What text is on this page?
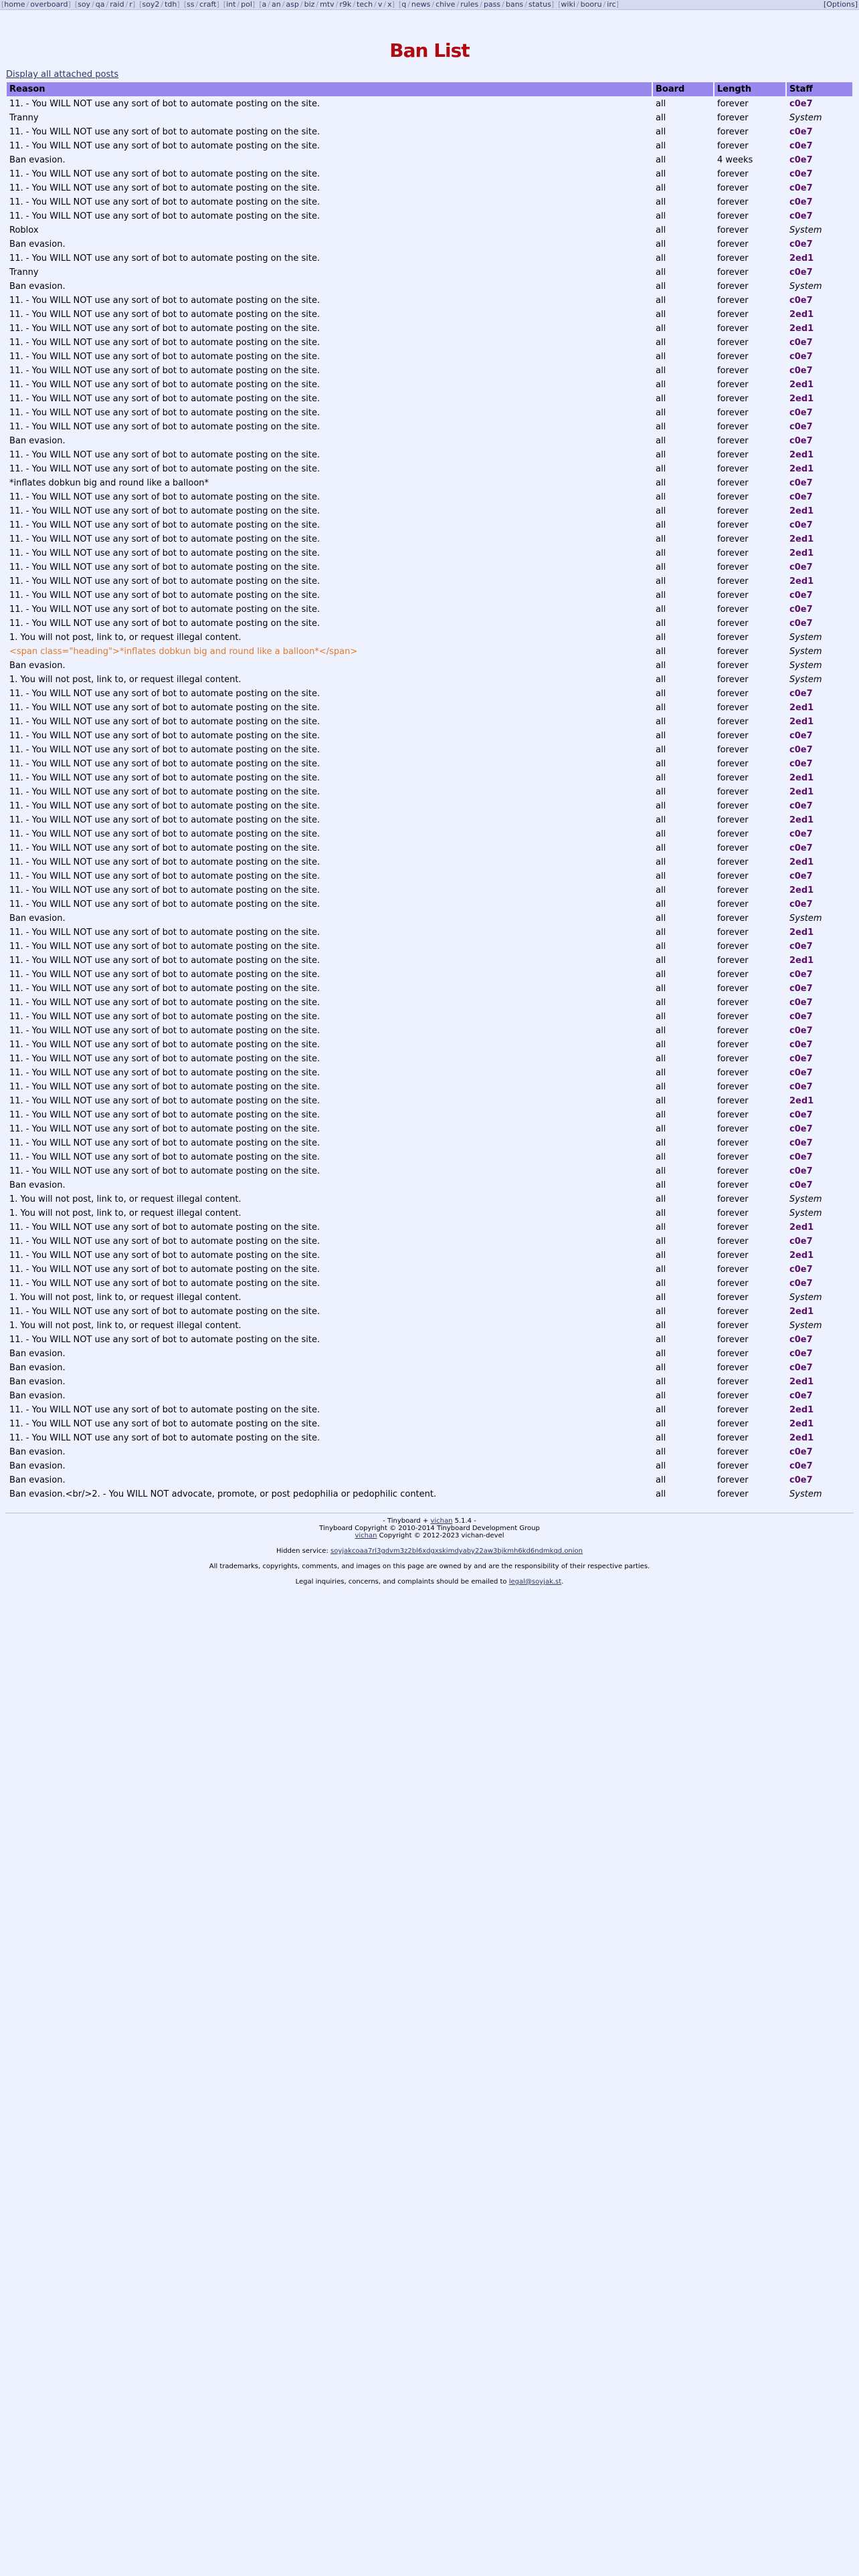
[ home / overboard ] [ soy / qa / raid / r ] [ soy2 / tdh ] [ ss / craft ] [ int / pol ] [ a / an / asp / biz / mtv / r9k / tech / v / x ] [ q / news / chive / rules / pass / bans / status ] [ wiki / booru / irc ]	[Options]
Ban List
Display all attached posts
Reason	Board	Length	Staff
11. - You WILL NOT use any sort of bot to automate posting on the site.	all	forever	c0e7
Tranny	all	forever	System
11. - You WILL NOT use any sort of bot to automate posting on the site.	all	forever	c0e7
11. - You WILL NOT use any sort of bot to automate posting on the site.	all	forever	c0e7
Ban evasion.	all	4 weeks	c0e7
11. - You WILL NOT use any sort of bot to automate posting on the site.	all	forever	c0e7
11. - You WILL NOT use any sort of bot to automate posting on the site.	all	forever	c0e7
11. - You WILL NOT use any sort of bot to automate posting on the site.	all	forever	c0e7
11. - You WILL NOT use any sort of bot to automate posting on the site.	all	forever	c0e7
Roblox	all	forever	System
Ban evasion.	all	forever	c0e7
11. - You WILL NOT use any sort of bot to automate posting on the site.	all	forever	2ed1
Tranny	all	forever	c0e7
Ban evasion.	all	forever	System
11. - You WILL NOT use any sort of bot to automate posting on the site.	all	forever	c0e7
11. - You WILL NOT use any sort of bot to automate posting on the site.	all	forever	2ed1
11. - You WILL NOT use any sort of bot to automate posting on the site.	all	forever	2ed1
11. - You WILL NOT use any sort of bot to automate posting on the site.	all	forever	c0e7
11. - You WILL NOT use any sort of bot to automate posting on the site.	all	forever	c0e7
11. - You WILL NOT use any sort of bot to automate posting on the site.	all	forever	c0e7
11. - You WILL NOT use any sort of bot to automate posting on the site.	all	forever	2ed1
11. - You WILL NOT use any sort of bot to automate posting on the site.	all	forever	2ed1
11. - You WILL NOT use any sort of bot to automate posting on the site.	all	forever	c0e7
11. - You WILL NOT use any sort of bot to automate posting on the site.	all	forever	c0e7
Ban evasion.	all	forever	c0e7
11. - You WILL NOT use any sort of bot to automate posting on the site.	all	forever	2ed1
11. - You WILL NOT use any sort of bot to automate posting on the site.	all	forever	2ed1
*inflates dobkun big and round like a balloon*	all	forever	c0e7
11. - You WILL NOT use any sort of bot to automate posting on the site.	all	forever	c0e7
11. - You WILL NOT use any sort of bot to automate posting on the site.	all	forever	2ed1
11. - You WILL NOT use any sort of bot to automate posting on the site.	all	forever	c0e7
11. - You WILL NOT use any sort of bot to automate posting on the site.	all	forever	2ed1
11. - You WILL NOT use any sort of bot to automate posting on the site.	all	forever	2ed1
11. - You WILL NOT use any sort of bot to automate posting on the site.	all	forever	c0e7
11. - You WILL NOT use any sort of bot to automate posting on the site.	all	forever	2ed1
11. - You WILL NOT use any sort of bot to automate posting on the site.	all	forever	c0e7
11. - You WILL NOT use any sort of bot to automate posting on the site.	all	forever	c0e7
11. - You WILL NOT use any sort of bot to automate posting on the site.	all	forever	c0e7
1. You will not post, link to, or request illegal content.	all	forever	System
<span class="heading">*inflates dobkun big and round like a balloon*</span>	all	forever	System
Ban evasion.	all	forever	System
1. You will not post, link to, or request illegal content.	all	forever	System
11. - You WILL NOT use any sort of bot to automate posting on the site.	all	forever	c0e7
11. - You WILL NOT use any sort of bot to automate posting on the site.	all	forever	2ed1
11. - You WILL NOT use any sort of bot to automate posting on the site.	all	forever	2ed1
11. - You WILL NOT use any sort of bot to automate posting on the site.	all	forever	c0e7
11. - You WILL NOT use any sort of bot to automate posting on the site.	all	forever	c0e7
11. - You WILL NOT use any sort of bot to automate posting on the site.	all	forever	c0e7
11. - You WILL NOT use any sort of bot to automate posting on the site.	all	forever	2ed1
11. - You WILL NOT use any sort of bot to automate posting on the site.	all	forever	2ed1
11. - You WILL NOT use any sort of bot to automate posting on the site.	all	forever	c0e7
11. - You WILL NOT use any sort of bot to automate posting on the site.	all	forever	2ed1
11. - You WILL NOT use any sort of bot to automate posting on the site.	all	forever	c0e7
11. - You WILL NOT use any sort of bot to automate posting on the site.	all	forever	c0e7
11. - You WILL NOT use any sort of bot to automate posting on the site.	all	forever	2ed1
11. - You WILL NOT use any sort of bot to automate posting on the site.	all	forever	c0e7
11. - You WILL NOT use any sort of bot to automate posting on the site.	all	forever	2ed1
11. - You WILL NOT use any sort of bot to automate posting on the site.	all	forever	c0e7
Ban evasion.	all	forever	System
11. - You WILL NOT use any sort of bot to automate posting on the site.	all	forever	2ed1
11. - You WILL NOT use any sort of bot to automate posting on the site.	all	forever	c0e7
11. - You WILL NOT use any sort of bot to automate posting on the site.	all	forever	2ed1
11. - You WILL NOT use any sort of bot to automate posting on the site.	all	forever	c0e7
11. - You WILL NOT use any sort of bot to automate posting on the site.	all	forever	c0e7
11. - You WILL NOT use any sort of bot to automate posting on the site.	all	forever	c0e7
11. - You WILL NOT use any sort of bot to automate posting on the site.	all	forever	c0e7
11. - You WILL NOT use any sort of bot to automate posting on the site.	all	forever	c0e7
11. - You WILL NOT use any sort of bot to automate posting on the site.	all	forever	c0e7
11. - You WILL NOT use any sort of bot to automate posting on the site.	all	forever	c0e7
11. - You WILL NOT use any sort of bot to automate posting on the site.	all	forever	c0e7
11. - You WILL NOT use any sort of bot to automate posting on the site.	all	forever	c0e7
11. - You WILL NOT use any sort of bot to automate posting on the site.	all	forever	2ed1
11. - You WILL NOT use any sort of bot to automate posting on the site.	all	forever	c0e7
11. - You WILL NOT use any sort of bot to automate posting on the site.	all	forever	c0e7
11. - You WILL NOT use any sort of bot to automate posting on the site.	all	forever	c0e7
11. - You WILL NOT use any sort of bot to automate posting on the site.	all	forever	c0e7
11. - You WILL NOT use any sort of bot to automate posting on the site.	all	forever	c0e7
Ban evasion.	all	forever	c0e7
1. You will not post, link to, or request illegal content.	all	forever	System
1. You will not post, link to, or request illegal content.	all	forever	System
11. - You WILL NOT use any sort of bot to automate posting on the site.	all	forever	2ed1
11. - You WILL NOT use any sort of bot to automate posting on the site.	all	forever	c0e7
11. - You WILL NOT use any sort of bot to automate posting on the site.	all	forever	2ed1
11. - You WILL NOT use any sort of bot to automate posting on the site.	all	forever	c0e7
11. - You WILL NOT use any sort of bot to automate posting on the site.	all	forever	c0e7
1. You will not post, link to, or request illegal content.	all	forever	System
11. - You WILL NOT use any sort of bot to automate posting on the site.	all	forever	2ed1
1. You will not post, link to, or request illegal content.	all	forever	System
11. - You WILL NOT use any sort of bot to automate posting on the site.	all	forever	c0e7
Ban evasion.	all	forever	c0e7
Ban evasion.	all	forever	c0e7
Ban evasion.	all	forever	2ed1
Ban evasion.	all	forever	c0e7
11. - You WILL NOT use any sort of bot to automate posting on the site.	all	forever	2ed1
11. - You WILL NOT use any sort of bot to automate posting on the site.	all	forever	2ed1
11. - You WILL NOT use any sort of bot to automate posting on the site.	all	forever	2ed1
Ban evasion.	all	forever	c0e7
Ban evasion.	all	forever	c0e7
Ban evasion.	all	forever	c0e7
Ban evasion.<br/>2. - You WILL NOT advocate, promote, or post pedophilia or pedophilic content.	all	forever	System

- Tinyboard + vichan 5.1.4 -

Tinyboard Copyright © 2010-2014 Tinyboard Development Group

vichan Copyright © 2012-2023 vichan-devel

Hidden service: soyjakcoaa7rl3gdvm3z2bl6xdgxskimdyaby22aw3bjkmh6kd6ndmkqd.onion

All trademarks, copyrights, comments, and images on this page are owned by and are the responsibility of their respective parties.

Legal inquiries, concerns, and complaints should be emailed to legal@soyjak.st.
